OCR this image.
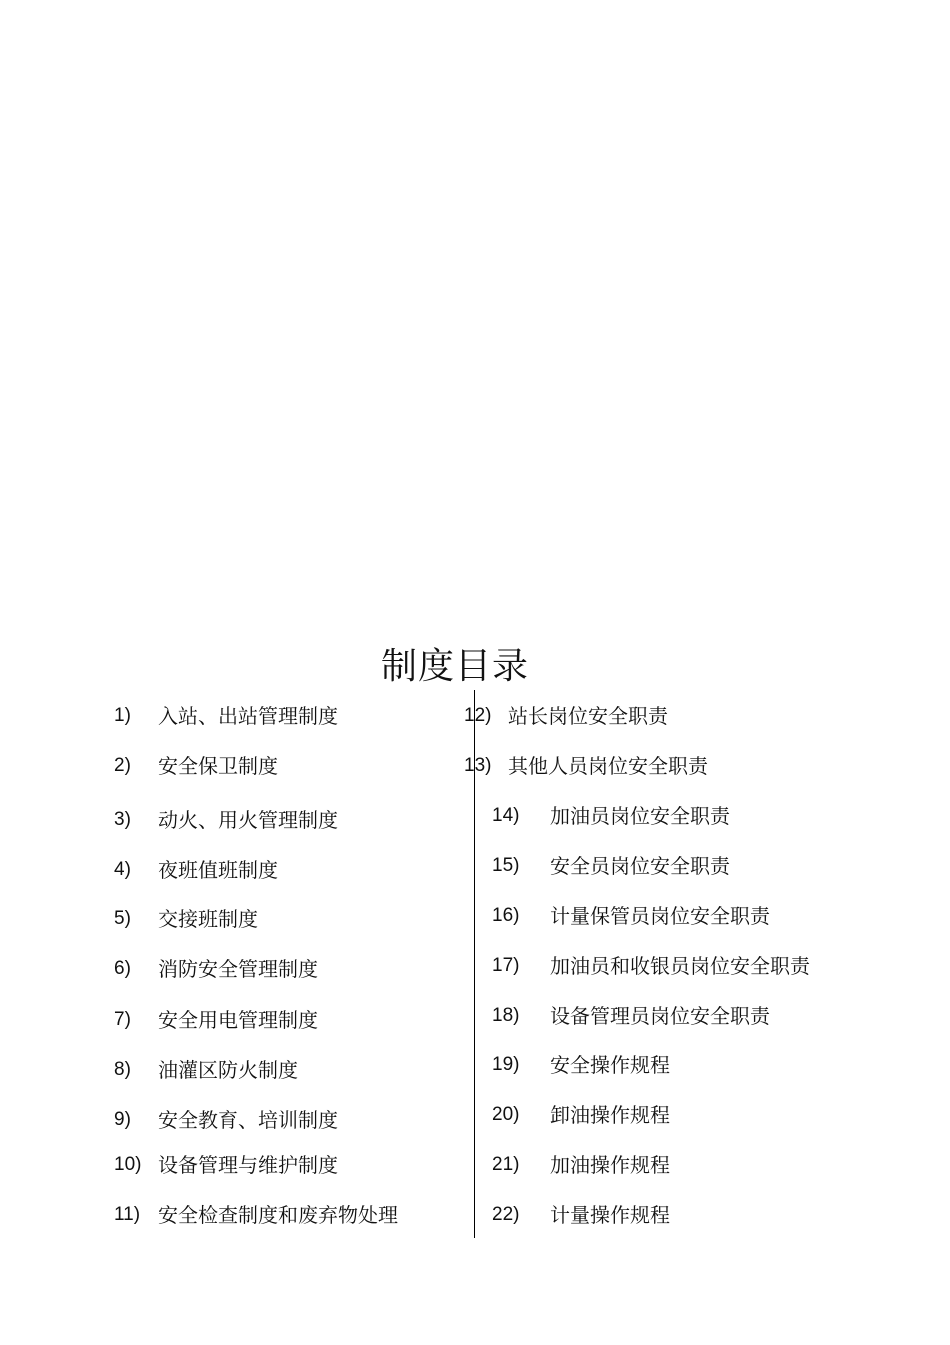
制度目录
1) 入站、出站管理制度
2) 安全保卫制度
3) 动火、用火管理制度
4) 夜班值班制度
5) 交接班制度
6) 消防安全管理制度
7) 安全用电管理制度
8) 油灌区防火制度
9) 安全教育、培训制度
10) 设备管理与维护制度
11) 安全检查制度和废弃物处理
12) 站长岗位安全职责
13) 其他人员岗位安全职责
14) 加油员岗位安全职责
15) 安全员岗位安全职责
16) 计量保管员岗位安全职责
17) 加油员和收银员岗位安全职责
18) 设备管理员岗位安全职责
19) 安全操作规程
20) 卸油操作规程
21) 加油操作规程
22) 计量操作规程
